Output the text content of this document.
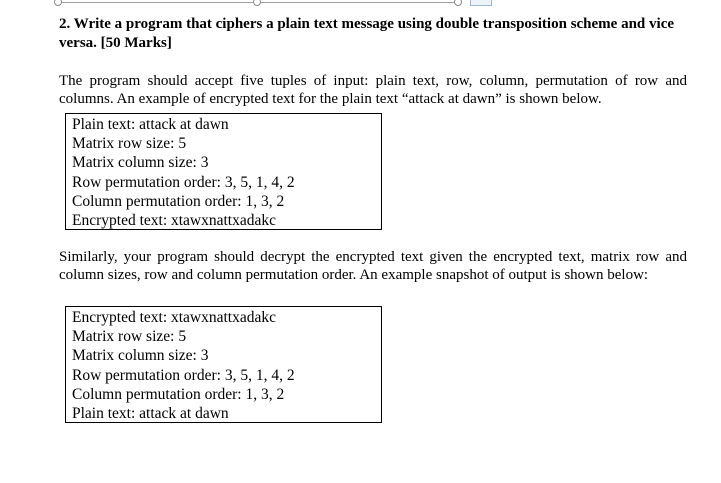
2. Write a program that ciphers a plain text message using double transposition scheme and vice versa. [50 Marks]
The program should accept five tuples of input: plain text, row, column, permutation of row and columns. An example of encrypted text for the plain text “attack at dawn” is shown below.
Plain text: attack at dawn
Matrix row size: 5
Matrix column size: 3
Row permutation order: 3, 5, 1, 4, 2
Column permutation order: 1, 3, 2
Encrypted text: xtawxnattxadakc
Similarly, your program should decrypt the encrypted text given the encrypted text, matrix row and column sizes, row and column permutation order. An example snapshot of output is shown below:
Encrypted text: xtawxnattxadakc
Matrix row size: 5
Matrix column size: 3
Row permutation order: 3, 5, 1, 4, 2
Column permutation order: 1, 3, 2
Plain text: attack at dawn
